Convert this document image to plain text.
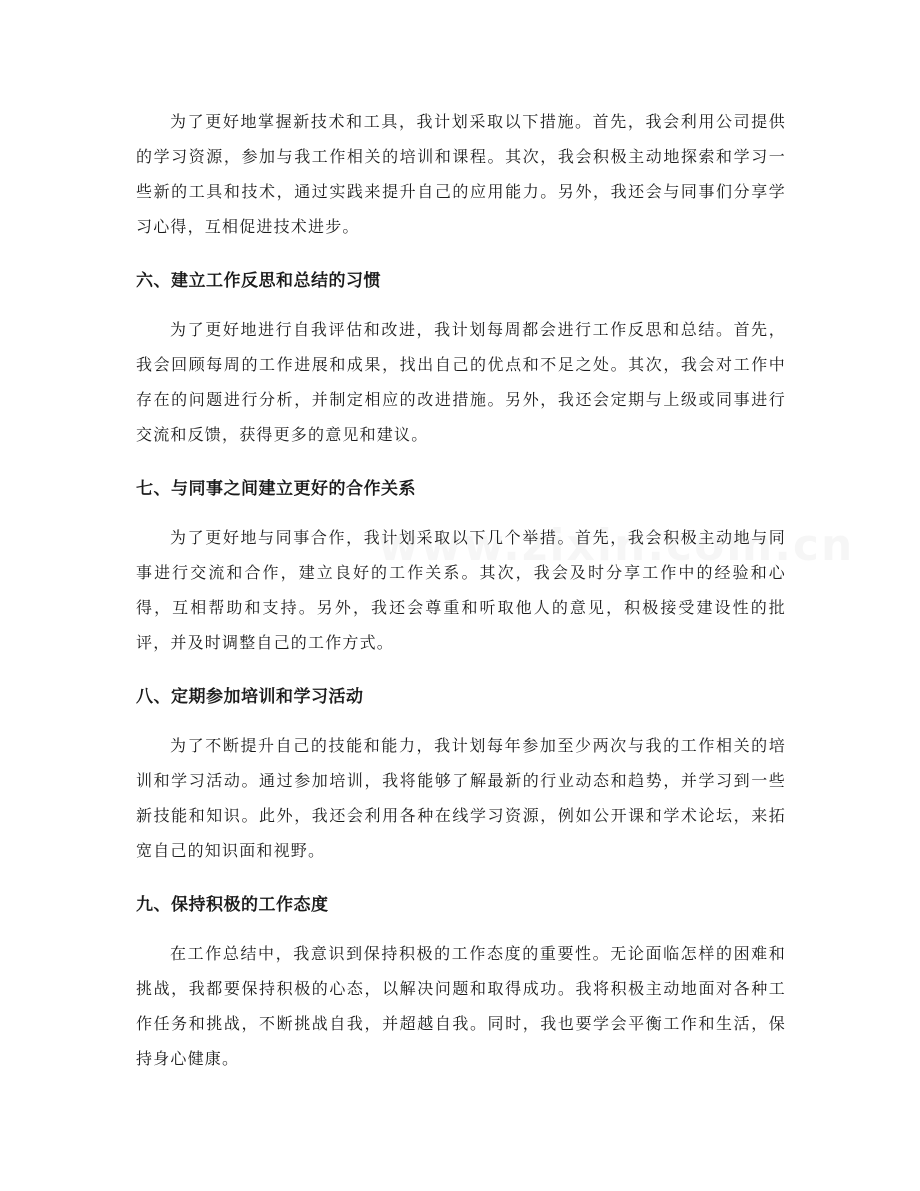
为了更好地掌握新技术和工具，我计划采取以下措施。首先，我会利用公司提供的学习资源，参加与我工作相关的培训和课程。其次，我会积极主动地探索和学习一些新的工具和技术，通过实践来提升自己的应用能力。另外，我还会与同事们分享学习心得，互相促进技术进步。

六、建立工作反思和总结的习惯

为了更好地进行自我评估和改进，我计划每周都会进行工作反思和总结。首先，我会回顾每周的工作进展和成果，找出自己的优点和不足之处。其次，我会对工作中存在的问题进行分析，并制定相应的改进措施。另外，我还会定期与上级或同事进行交流和反馈，获得更多的意见和建议。

七、与同事之间建立更好的合作关系

为了更好地与同事合作，我计划采取以下几个举措。首先，我会积极主动地与同事进行交流和合作，建立良好的工作关系。其次，我会及时分享工作中的经验和心得，互相帮助和支持。另外，我还会尊重和听取他人的意见，积极接受建设性的批评，并及时调整自己的工作方式。

八、定期参加培训和学习活动

为了不断提升自己的技能和能力，我计划每年参加至少两次与我的工作相关的培训和学习活动。通过参加培训，我将能够了解最新的行业动态和趋势，并学习到一些新技能和知识。此外，我还会利用各种在线学习资源，例如公开课和学术论坛，来拓宽自己的知识面和视野。

九、保持积极的工作态度

在工作总结中，我意识到保持积极的工作态度的重要性。无论面临怎样的困难和挑战，我都要保持积极的心态，以解决问题和取得成功。我将积极主动地面对各种工作任务和挑战，不断挑战自我，并超越自我。同时，我也要学会平衡工作和生活，保持身心健康。
